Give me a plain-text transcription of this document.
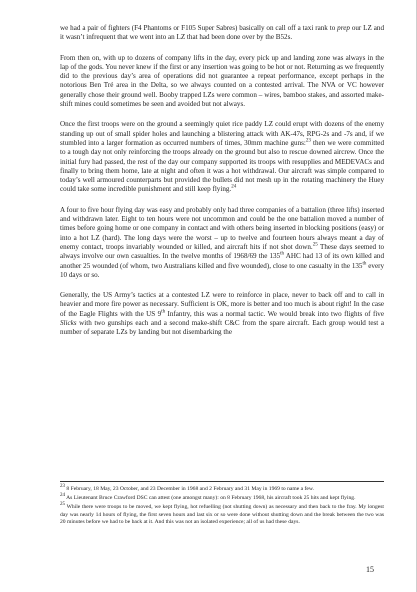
we had a pair of fighters (F4 Phantoms or F105 Super Sabres) basically on call off a taxi rank to prep our LZ and it wasn’t infrequent that we went into an LZ that had been done over by the B52s.

From then on, with up to dozens of company lifts in the day, every pick up and landing zone was always in the lap of the gods. You never knew if the first or any insertion was going to be hot or not. Returning as we frequently did to the previous day’s area of operations did not guarantee a repeat performance, except perhaps in the notorious Ben Tré area in the Delta, so we always counted on a contested arrival. The NVA or VC however generally chose their ground well. Booby trapped LZs were common – wires, bamboo stakes, and assorted make-shift mines could sometimes be seen and avoided but not always.

Once the first troops were on the ground a seemingly quiet rice paddy LZ could erupt with dozens of the enemy standing up out of small spider holes and launching a blistering attack with AK-47s, RPG-2s and -7s and, if we stumbled into a larger formation as occurred numbers of times, 30mm machine guns:$^{23}$ then we were committed to a tough day not only reinforcing the troops already on the ground but also to rescue downed aircrew. Once the initial fury had passed, the rest of the day our company supported its troops with resupplies and MEDEVACs and finally to bring them home, late at night and often it was a hot withdrawal. Our aircraft was simple compared to today’s well armoured counterparts but provided the bullets did not mesh up in the rotating machinery the Huey could take some incredible punishment and still keep flying.$^{24}$

A four to five hour flying day was easy and probably only had three companies of a battalion (three lifts) inserted and withdrawn later. Eight to ten hours were not uncommon and could be the one battalion moved a number of times before going home or one company in contact and with others being inserted in blocking positions (easy) or into a hot LZ (hard). The long days were the worst – up to twelve and fourteen hours always meant a day of enemy contact, troops invariably wounded or killed, and aircraft hits if not shot down.$^{25}$ These days seemed to always involve our own casualties. In the twelve months of 1968/69 the 135th AHC had 13 of its own killed and another 25 wounded (of whom, two Australians killed and five wounded), close to one casualty in the 135th every 10 days or so.

Generally, the US Army’s tactics at a contested LZ were to reinforce in place, never to back off and to call in heavier and more fire power as necessary. Sufficient is OK, more is better and too much is about right! In the case of the Eagle Flights with the US 9th Infantry, this was a normal tactic. We would break into two flights of five Slicks with two gunships each and a second make-shift C&C from the spare aircraft. Each group would test a number of separate LZs by landing but not disembarking the

$^{23}$ 8 February, 18 May, 23 October, and 23 December in 1968 and 2 February and 31 May in 1969 to name a few.

$^{24}$ As Lieutenant Bruce Crawford DSC can attest (one amongst many): on 8 February 1968, his aircraft took 25 hits and kept flying.

$^{25}$ While there were troops to be moved, we kept flying, hot refuelling (not shutting down) as necessary and then back to the fray. My longest day was nearly 14 hours of flying, the first seven hours and last six or so were done without shutting down and the break between the two was 20 minutes before we had to be back at it. And this was not an isolated experience; all of us had these days.

15
